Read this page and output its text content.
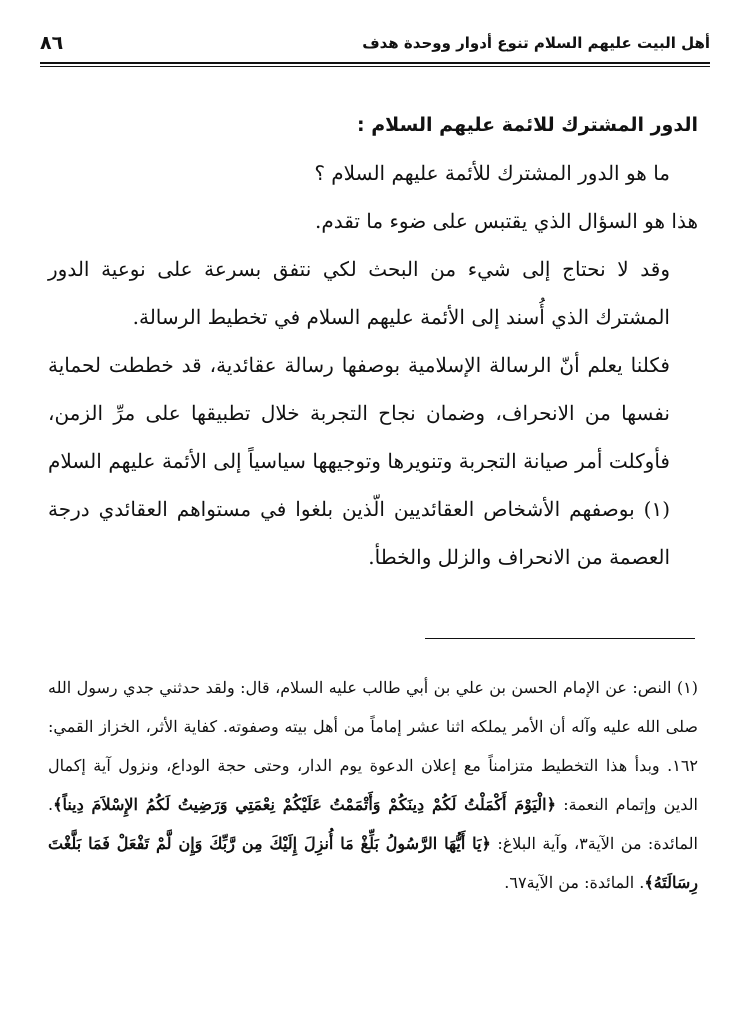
أهل البيت عليهم السلام تنوع أدوار ووحدة هدف
٨٦

الدور المشترك للائمة عليهم السلام :

ما هو الدور المشترك للأئمة عليهم السلام ؟

هذا هو السؤال الذي يقتبس على ضوء ما تقدم.

وقد لا نحتاج إلى شيء من البحث لكي نتفق بسرعة على نوعية الدور المشترك الذي أُسند إلى الأئمة عليهم السلام في تخطيط الرسالة.

فكلنا يعلم أنّ الرسالة الإسلامية بوصفها رسالة عقائدية، قد خططت لحماية نفسها من الانحراف، وضمان نجاح التجربة خلال تطبيقها على مرِّ الزمن، فأوكلت أمر صيانة التجربة وتنويرها وتوجيهها سياسياً إلى الأئمة عليهم السلام (١) بوصفهم الأشخاص العقائديين الّذين بلغوا في مستواهم العقائدي درجة العصمة من الانحراف والزلل والخطأ.

(١) النص: عن الإمام الحسن بن علي بن أبي طالب عليه السلام، قال: ولقد حدثني جدي رسول الله صلى الله عليه وآله أن الأمر يملكه اثنا عشر إماماً من أهل بيته وصفوته. كفاية الأثر، الخزاز القمي: ١٦٢. وبدأ هذا التخطيط متزامناً مع إعلان الدعوة يوم الدار، وحتى حجة الوداع، ونزول آية إكمال الدين وإتمام النعمة: ﴿الْيَوْمَ أَكْمَلْتُ لَكُمْ دِينَكُمْ وَأَتْمَمْتُ عَلَيْكُمْ نِعْمَتِي وَرَضِيتُ لَكُمُ الإِسْلاَمَ دِيناً﴾. المائدة: من الآية٣، وآية البلاغ: ﴿يَا أَيُّهَا الرَّسُولُ بَلِّغْ مَا أُنزِلَ إِلَيْكَ مِن رَّبِّكَ وَإِن لَّمْ تَفْعَلْ فَمَا بَلَّغْتَ رِسَالَتَهُ﴾. المائدة: من الآية٦٧.
